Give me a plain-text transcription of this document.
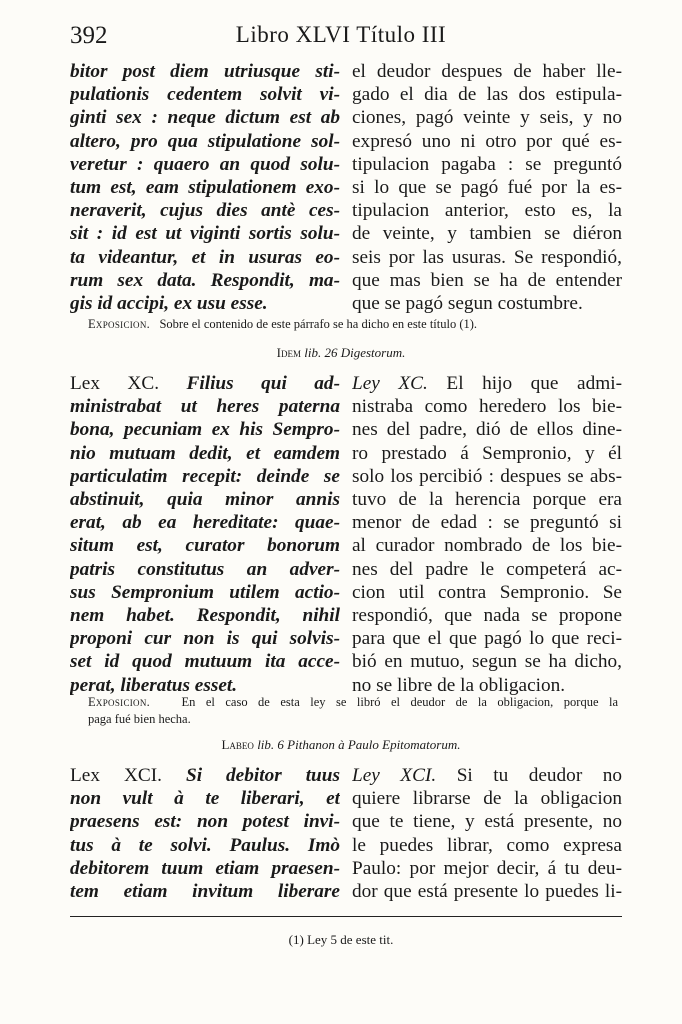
392	Libro XLVI Título III
bitor post diem utriusque sti-
pulationis cedentem solvit vi-
ginti sex : neque dictum est ab
altero, pro qua stipulatione sol-
veretur : quaero an quod solu-
tum est, eam stipulationem exo-
neraverit, cujus dies antè ces-
sit : id est ut viginti sortis solu-
ta videantur, et in usuras eo-
rum sex data. Respondit, ma-
gis id accipi, ex usu esse.
el deudor despues de haber lle-
gado el dia de las dos estipula-
ciones, pagó veinte y seis, y no
expresó uno ni otro por qué es-
tipulacion pagaba : se preguntó
si lo que se pagó fué por la es-
tipulacion anterior, esto es, la
de veinte, y tambien se diéron
seis por las usuras. Se respondió,
que mas bien se ha de entender
que se pagó segun costumbre.
Exposicion. Sobre el contenido de este párrafo se ha dicho en este título (1).
Idem lib. 26 Digestorum.
Lex XC. Filius qui ad-
ministrabat ut heres paterna
bona, pecuniam ex his Sempro-
nio mutuam dedit, et eamdem
particulatim recepit: deinde se
abstinuit, quia minor annis
erat, ab ea hereditate: quae-
situm est, curator bonorum
patris constitutus an adver-
sus Sempronium utilem actio-
nem habet. Respondit, nihil
proponi cur non is qui solvis-
set id quod mutuum ita acce-
perat, liberatus esset.
Ley XC. El hijo que admi-
nistraba como heredero los bie-
nes del padre, dió de ellos dine-
ro prestado á Sempronio, y él
solo los percibió : despues se abs-
tuvo de la herencia porque era
menor de edad : se preguntó si
al curador nombrado de los bie-
nes del padre le competerá ac-
cion util contra Sempronio. Se
respondió, que nada se propone
para que el que pagó lo que reci-
bió en mutuo, segun se ha dicho,
no se libre de la obligacion.
Exposicion.	En el caso de esta ley se libró el deudor de la obligacion, porque la
paga fué bien hecha.
Labeo lib. 6 Pithanon à Paulo Epitomatorum.
Lex XCI. Si debitor tuus
non vult à te liberari, et
praesens est: non potest invi-
tus à te solvi. Paulus. Imò
debitorem tuum etiam praesen-
tem etiam invitum liberare
Ley XCI. Si tu deudor no
quiere librarse de la obligacion
que te tiene, y está presente, no
le puedes librar, como expresa
Paulo: por mejor decir, á tu deu-
dor que está presente lo puedes li-
(1) Ley 5 de este tit.
